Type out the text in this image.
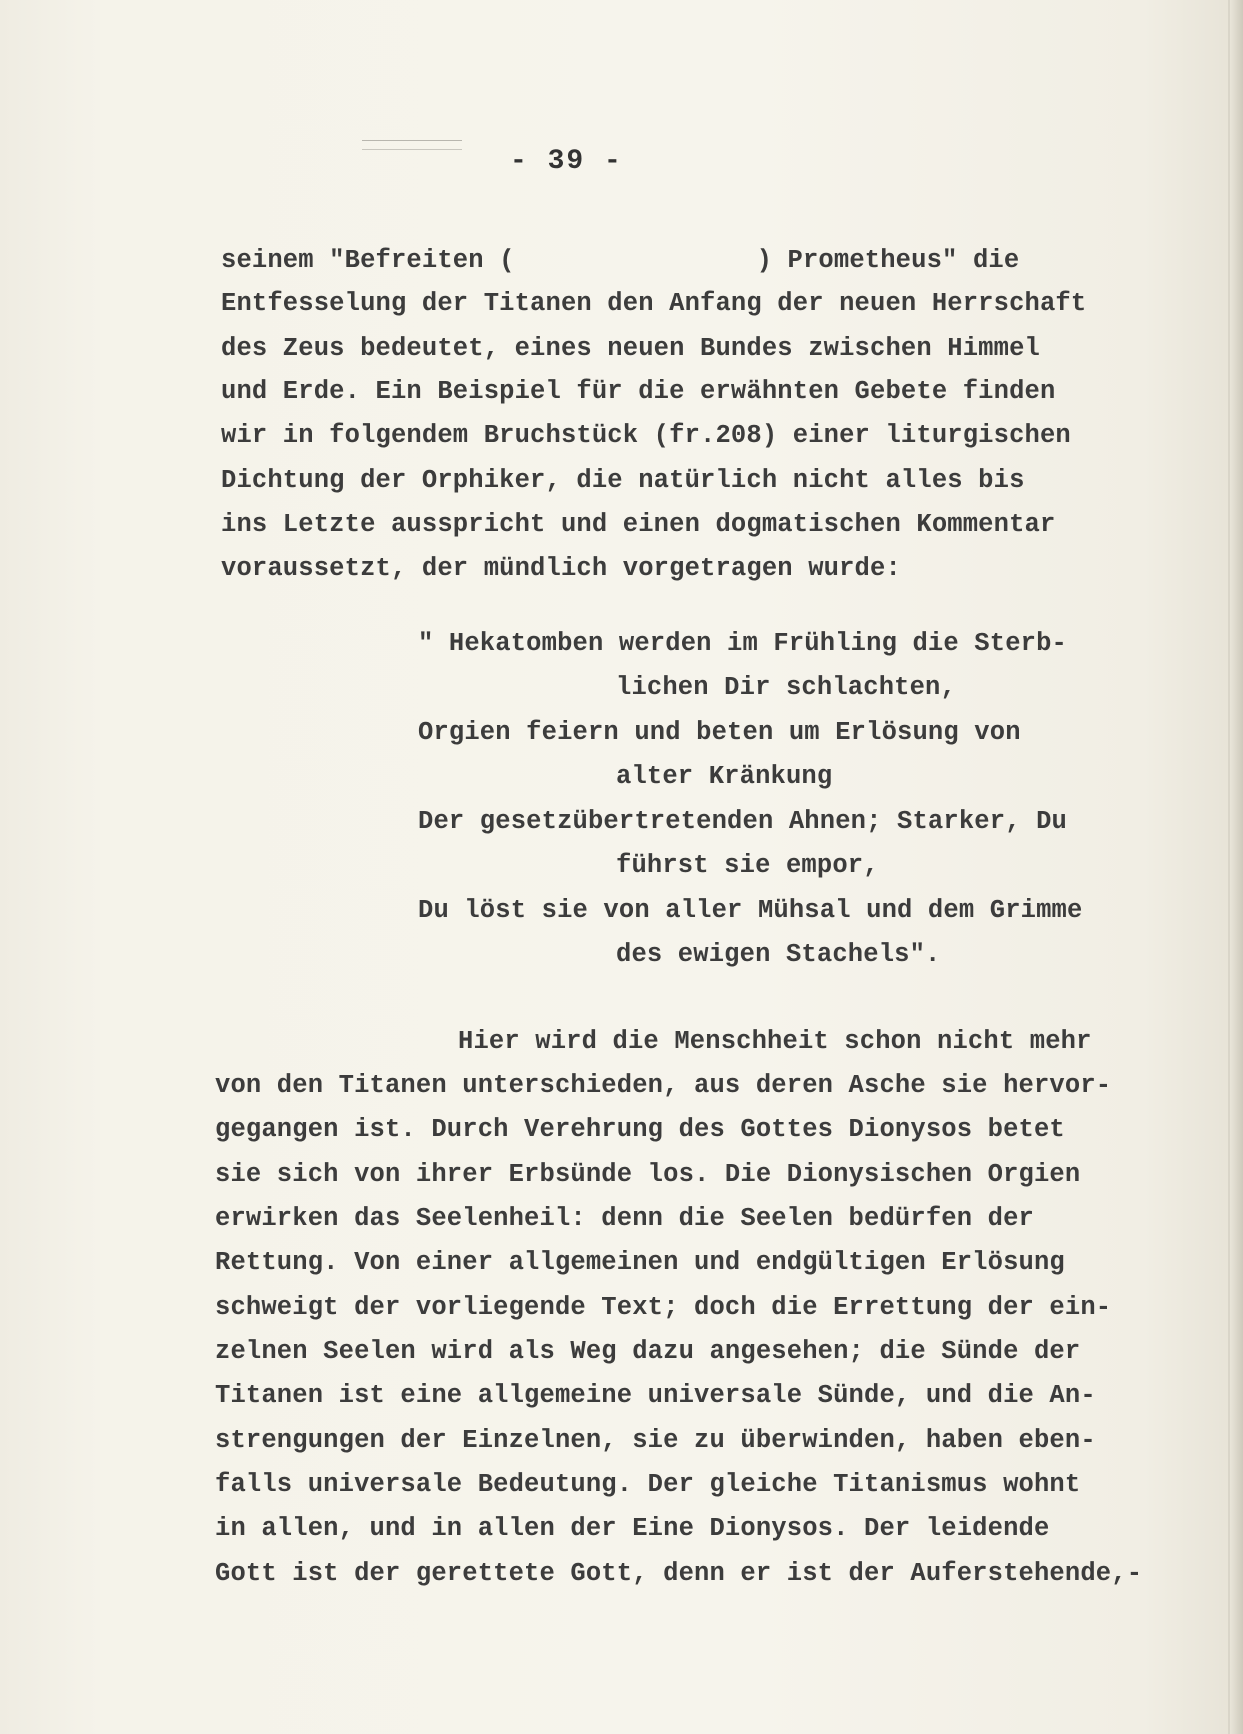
- 39 -
seinem "Befreiten (	) Prometheus" die
Entfesselung der Titanen den Anfang der neuen Herrschaft
des Zeus bedeutet, eines neuen Bundes zwischen Himmel
und Erde. Ein Beispiel für die erwähnten Gebete finden
wir in folgendem Bruchstück (fr.208) einer liturgischen
Dichtung der Orphiker, die natürlich nicht alles bis
ins Letzte ausspricht und einen dogmatischen Kommentar
voraussetzt, der mündlich vorgetragen wurde:
" Hekatomben werden im Frühling die Sterb-
lichen Dir schlachten,
Orgien feiern und beten um Erlösung von
alter Kränkung
Der gesetzübertretenden Ahnen; Starker, Du
führst sie empor,
Du löst sie von aller Mühsal und dem Grimme
des ewigen Stachels".
Hier wird die Menschheit schon nicht mehr
von den Titanen unterschieden, aus deren Asche sie hervor-
gegangen ist. Durch Verehrung des Gottes Dionysos betet
sie sich von ihrer Erbsünde los. Die Dionysischen Orgien
erwirken das Seelenheil: denn die Seelen bedürfen der
Rettung. Von einer allgemeinen und endgültigen Erlösung
schweigt der vorliegende Text; doch die Errettung der ein-
zelnen Seelen wird als Weg dazu angesehen; die Sünde der
Titanen ist eine allgemeine universale Sünde, und die An-
strengungen der Einzelnen, sie zu überwinden, haben eben-
falls universale Bedeutung. Der gleiche Titanismus wohnt
in allen, und in allen der Eine Dionysos. Der leidende
Gott ist der gerettete Gott, denn er ist der Auferstehende,-
